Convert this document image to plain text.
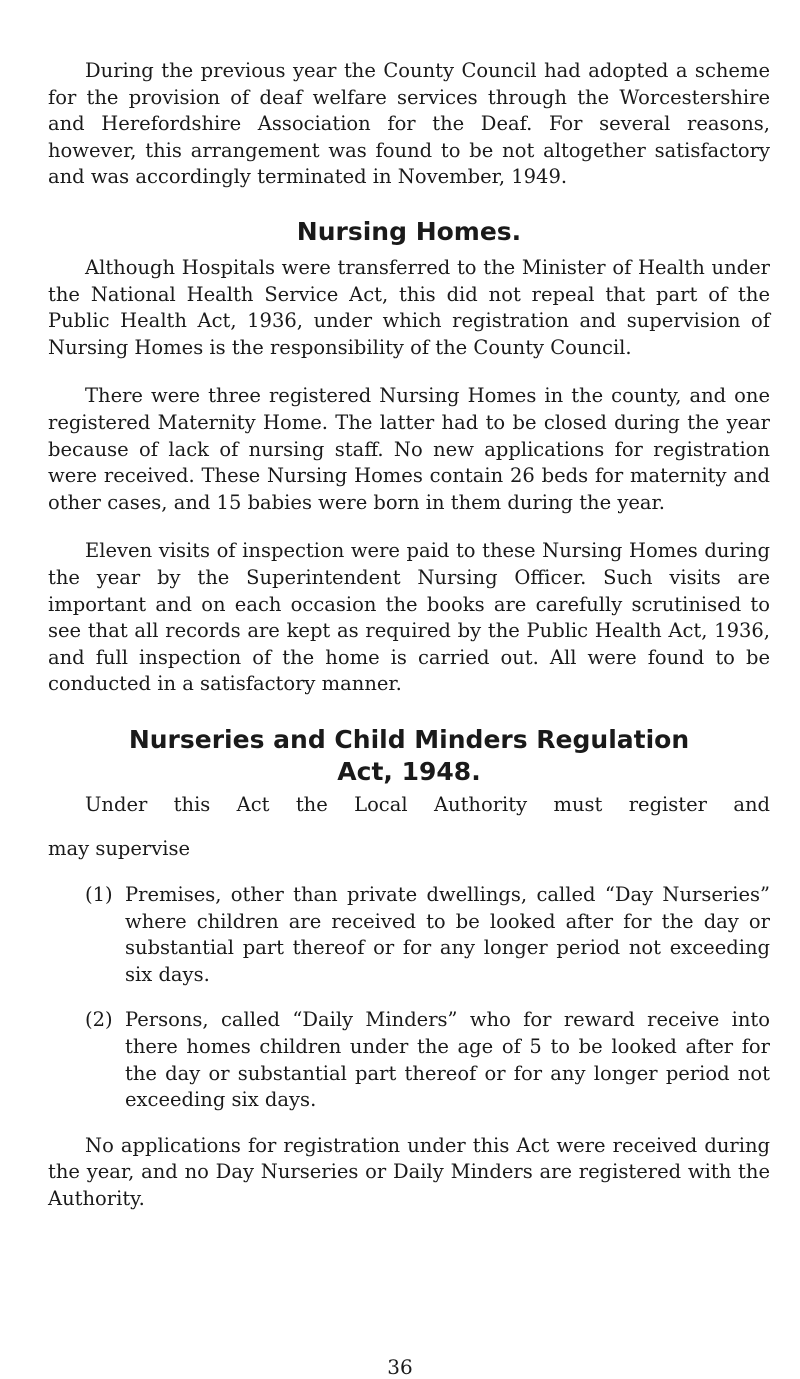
During the previous year the County Council had adopted a scheme for the provision of deaf welfare services through the Worcestershire and Herefordshire Association for the Deaf. For several reasons, however, this arrangement was found to be not altogether satisfactory and was accordingly terminated in November, 1949.

Nursing Homes.

Although Hospitals were transferred to the Minister of Health under the National Health Service Act, this did not repeal that part of the Public Health Act, 1936, under which registration and supervision of Nursing Homes is the responsibility of the County Council.

There were three registered Nursing Homes in the county, and one registered Maternity Home. The latter had to be closed during the year because of lack of nursing staff. No new applications for registration were received. These Nursing Homes contain 26 beds for maternity and other cases, and 15 babies were born in them during the year.

Eleven visits of inspection were paid to these Nursing Homes during the year by the Superintendent Nursing Officer. Such visits are important and on each occasion the books are carefully scrutinised to see that all records are kept as required by the Public Health Act, 1936, and full inspection of the home is carried out. All were found to be conducted in a satisfactory manner.

Nurseries and Child Minders Regulation
Act, 1948.

Under this Act the Local Authority must register and

may supervise

(1) Premises, other than private dwellings, called “Day Nurseries” where children are received to be looked after for the day or substantial part thereof or for any longer period not exceeding six days.

(2) Persons, called “Daily Minders” who for reward receive into there homes children under the age of 5 to be looked after for the day or substantial part thereof or for any longer period not exceeding six days.

No applications for registration under this Act were received during the year, and no Day Nurseries or Daily Minders are registered with the Authority.

36
